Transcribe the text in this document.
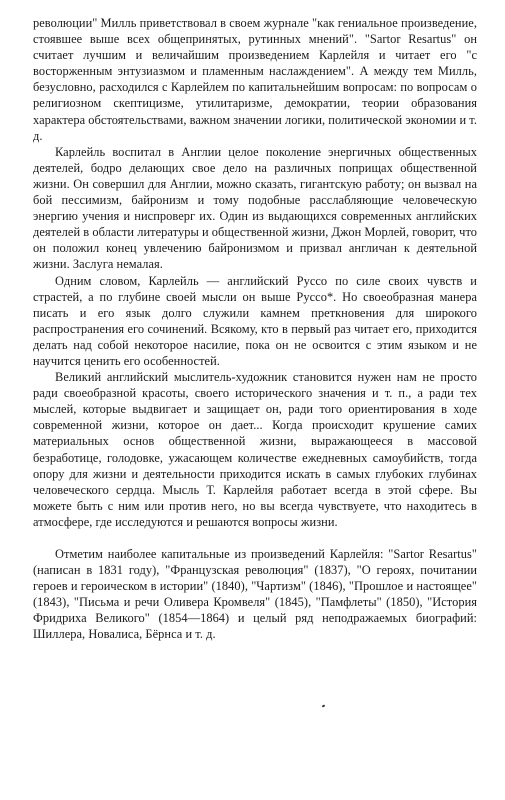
революции" Милль приветствовал в своем журнале "как гениальное произведение, стоявшее выше всех общепринятых, рутинных мнений". "Sartor Resartus" он считает лучшим и величайшим произведением Карлейля и читает его "с восторженным энтузиазмом и пламенным наслаждением". А между тем Милль, безусловно, расходился с Карлейлем по капитальнейшим вопросам: по вопросам о религиозном скептицизме, утилитаризме, демократии, теории образования характера обстоятельствами, важном значении логики, политической экономии и т. д.

Карлейль воспитал в Англии целое поколение энергичных общественных деятелей, бодро делающих свое дело на различных поприщах общественной жизни. Он совершил для Англии, можно сказать, гигантскую работу; он вызвал на бой пессимизм, байронизм и тому подобные расслабляющие человеческую энергию учения и ниспроверг их. Один из выдающихся современных английских деятелей в области литературы и общественной жизни, Джон Морлей, говорит, что он положил конец увлечению байронизмом и призвал англичан к деятельной жизни. Заслуга немалая.

Одним словом, Карлейль — английский Руссо по силе своих чувств и страстей, а по глубине своей мысли он выше Руссо*. Но своеобразная манера писать и его язык долго служили камнем преткновения для широкого распространения его сочинений. Всякому, кто в первый раз читает его, приходится делать над собой некоторое насилие, пока он не освоится с этим языком и не научится ценить его особенностей.

Великий английский мыслитель-художник становится нужен нам не просто ради своеобразной красоты, своего исторического значения и т. п., а ради тех мыслей, которые выдвигает и защищает он, ради того ориентирования в ходе современной жизни, которое он дает... Когда происходит крушение самих материальных основ общественной жизни, выражающееся в массовой безработице, голодовке, ужасающем количестве ежедневных самоубийств, тогда опору для жизни и деятельности приходится искать в самых глубоких глубинах человеческого сердца. Мысль Т. Карлейля работает всегда в этой сфере. Вы можете быть с ним или против него, но вы всегда чувствуете, что находитесь в атмосфере, где исследуются и решаются вопросы жизни.

Отметим наиболее капитальные из произведений Карлейля: "Sartor Resartus" (написан в 1831 году), "Французская революция" (1837), "О героях, почитании героев и героическом в истории" (1840), "Чартизм" (1846), "Прошлое и настоящее" (1843), "Письма и речи Оливера Кромвеля" (1845), "Памфлеты" (1850), "История Фридриха Великого" (1854—1864) и целый ряд неподражаемых биографий: Шиллера, Новалиса, Бёрнса и т. д.
